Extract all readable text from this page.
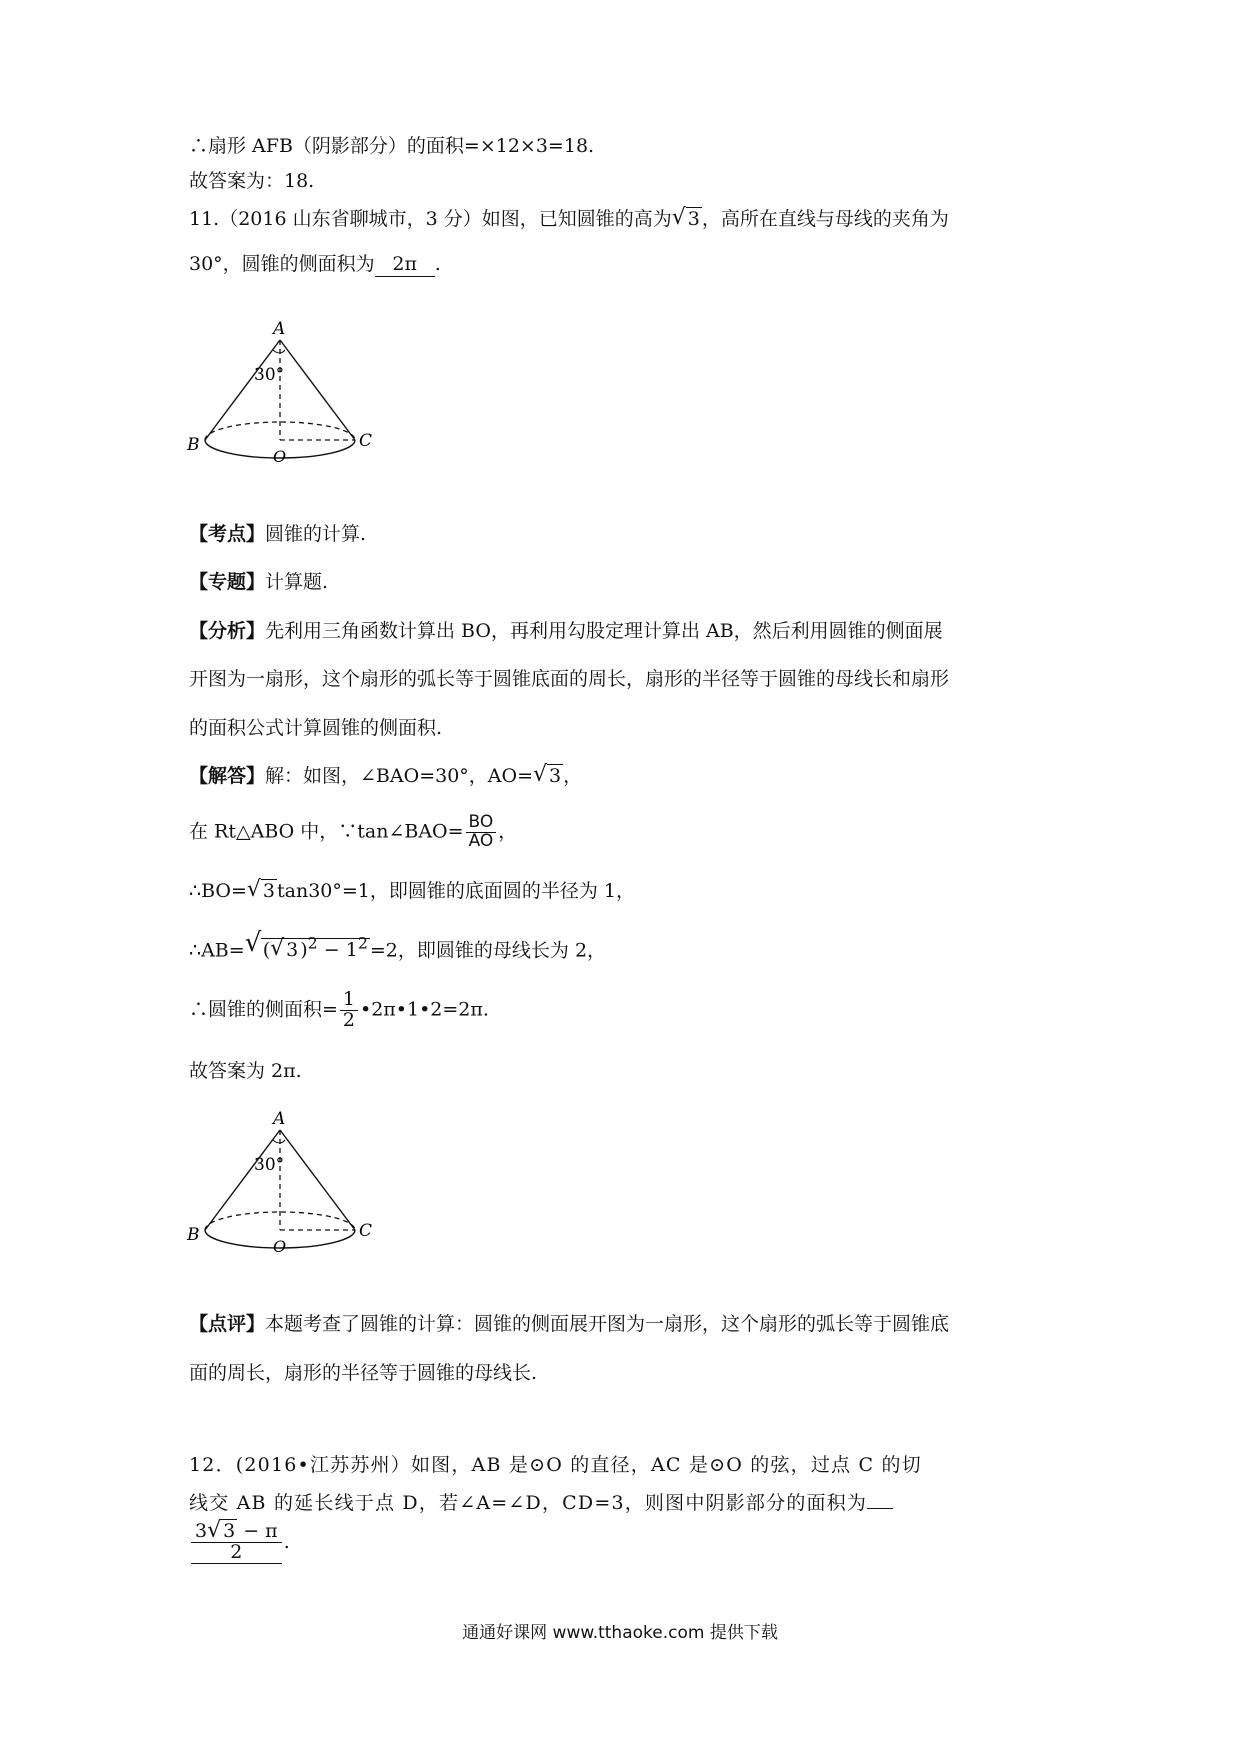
∴扇形 AFB（阴影部分）的面积=×12×3=18.
故答案为：18.
11.（2016 山东省聊城市，3 分）如图，已知圆锥的高为 √ 3 ，高所在直线与母线的夹角为
30°，圆锥的侧面积为 2π .
A
B	C
O
30°
【考点】圆锥的计算.
【专题】计算题.
【分析】先利用三角函数计算出 BO，再利用勾股定理计算出 AB，然后利用圆锥的侧面展
开图为一扇形，这个扇形的弧长等于圆锥底面的周长，扇形的半径等于圆锥的母线长和扇形
的面积公式计算圆锥的侧面积.
【解答】解：如图，∠BAO=30°，AO= √ 3 ，
在 Rt△ABO 中，∵tan∠BAO= $\frac{BO}{AO}$ ，
∴BO= √ 3 tan30°=1，即圆锥的底面圆的半径为 1，
∴AB= √ ( √ 3 )$^2 - 1^2 =2$，即圆锥的母线长为 2，
∴圆锥的侧面积= $\frac{1}{2}$ •2π•1•2=2π.
故答案为 2π.
A
B	C
O
30°
【点评】本题考查了圆锥的计算：圆锥的侧面展开图为一扇形，这个扇形的弧长等于圆锥底
面的周长，扇形的半径等于圆锥的母线长.
12．(2016•江苏苏州）如图，AB 是⊙O 的直径，AC 是⊙O 的弦，过点 C 的切
线交 AB 的延长线于点 D，若∠A=∠D，CD=3，则图中阴影部分的面积为
$\frac{3 √ 3 - \pi}{2}$ .
通通好课网 www.tthaoke.com 提供下载
